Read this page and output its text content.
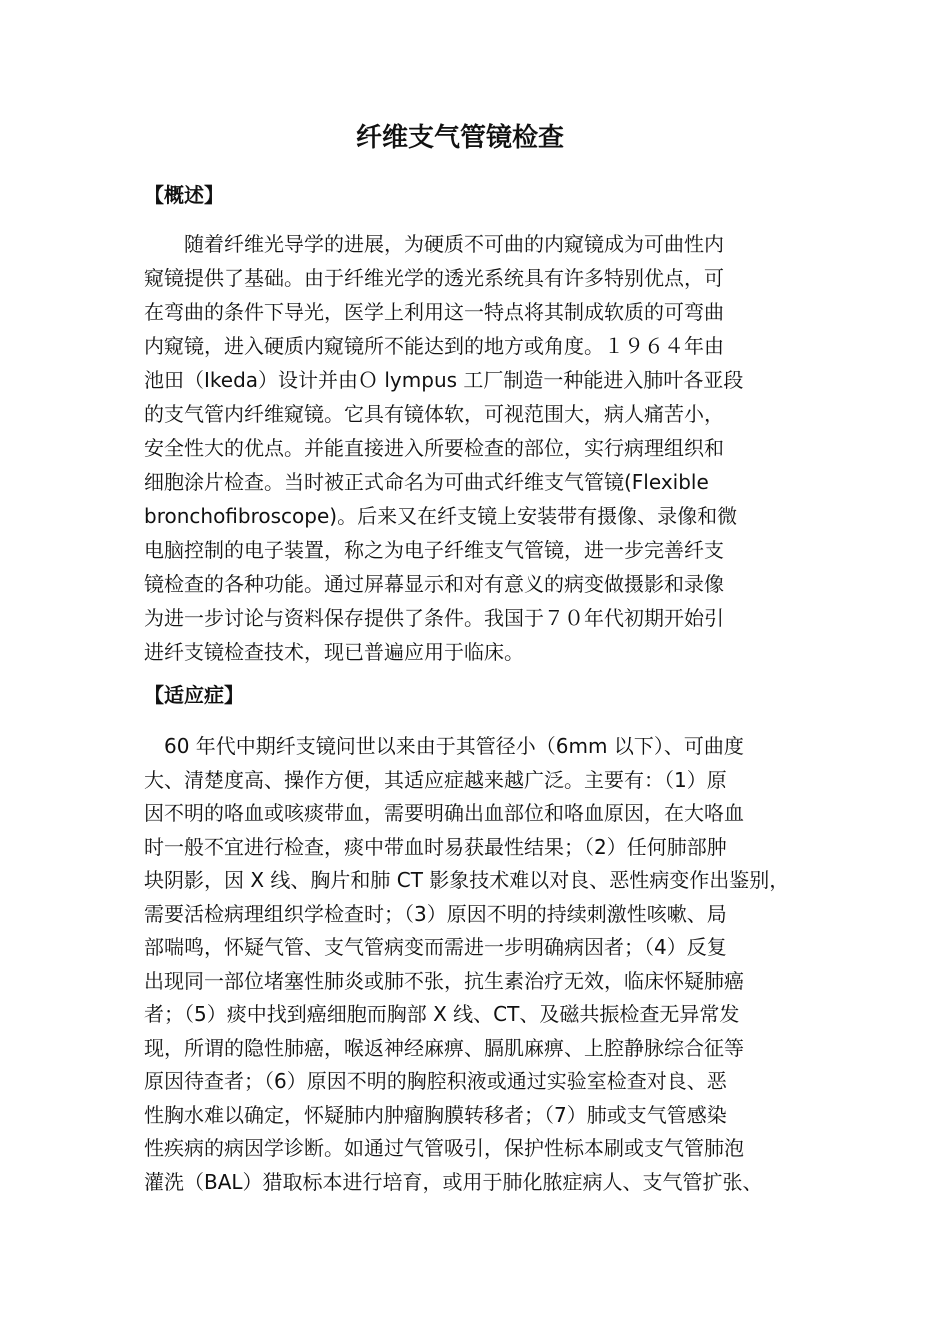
纤维支气管镜检查
【概述】
　　随着纤维光导学的进展，为硬质不可曲的内窥镜成为可曲性内
窥镜提供了基础。由于纤维光学的透光系统具有许多特别优点，可
在弯曲的条件下导光，医学上利用这一特点将其制成软质的可弯曲
内窥镜，进入硬质内窥镜所不能达到的地方或角度。１９６４年由
池田（Ikeda）设计并由Ｏ lympus 工厂制造一种能进入肺叶各亚段
的支气管内纤维窥镜。它具有镜体软，可视范围大，病人痛苦小，
安全性大的优点。并能直接进入所要检查的部位，实行病理组织和
细胞涂片检查。当时被正式命名为可曲式纤维支气管镜(Flexible
bronchofibroscope)。后来又在纤支镜上安装带有摄像、录像和微
电脑控制的电子装置，称之为电子纤维支气管镜，进一步完善纤支
镜检查的各种功能。通过屏幕显示和对有意义的病变做摄影和录像
为进一步讨论与资料保存提供了条件。我国于７０年代初期开始引
进纤支镜检查技术，现已普遍应用于临床。
【适应症】
　60 年代中期纤支镜问世以来由于其管径小（6mm 以下）、可曲度
大、清楚度高、操作方便，其适应症越来越广泛。主要有：（1）原
因不明的咯血或咳痰带血，需要明确出血部位和咯血原因，在大咯血
时一般不宜进行检查，痰中带血时易获最性结果；（2）任何肺部肿
块阴影，因 X 线、胸片和肺 CT 影象技术难以对良、恶性病变作出鉴别，
需要活检病理组织学检查时；（3）原因不明的持续刺激性咳嗽、局
部喘鸣，怀疑气管、支气管病变而需进一步明确病因者；（4）反复
出现同一部位堵塞性肺炎或肺不张，抗生素治疗无效，临床怀疑肺癌
者；（5）痰中找到癌细胞而胸部 X 线、CT、及磁共振检查无异常发
现，所谓的隐性肺癌，喉返神经麻痹、膈肌麻痹、上腔静脉综合征等
原因待查者；（6）原因不明的胸腔积液或通过实验室检查对良、恶
性胸水难以确定，怀疑肺内肿瘤胸膜转移者；（7）肺或支气管感染
性疾病的病因学诊断。如通过气管吸引，保护性标本刷或支气管肺泡
灌洗（BAL）猎取标本进行培育，或用于肺化脓症病人、支气管扩张、
